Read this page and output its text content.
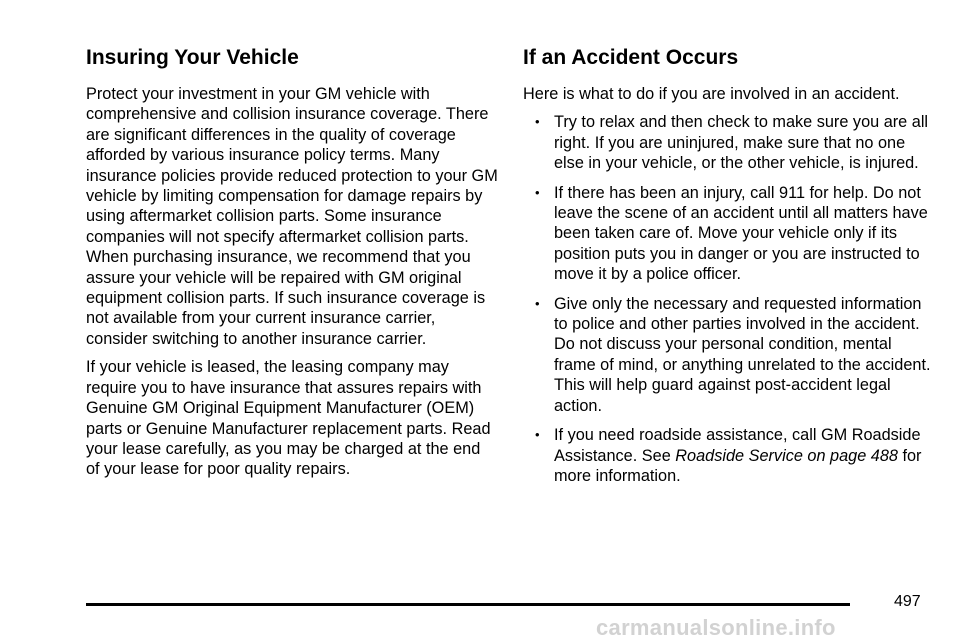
Insuring Your Vehicle

Protect your investment in your GM vehicle with comprehensive and collision insurance coverage. There are significant differences in the quality of coverage afforded by various insurance policy terms. Many insurance policies provide reduced protection to your GM vehicle by limiting compensation for damage repairs by using aftermarket collision parts. Some insurance companies will not specify aftermarket collision parts. When purchasing insurance, we recommend that you assure your vehicle will be repaired with GM original equipment collision parts. If such insurance coverage is not available from your current insurance carrier, consider switching to another insurance carrier.

If your vehicle is leased, the leasing company may require you to have insurance that assures repairs with Genuine GM Original Equipment Manufacturer (OEM) parts or Genuine Manufacturer replacement parts. Read your lease carefully, as you may be charged at the end of your lease for poor quality repairs.

If an Accident Occurs

Here is what to do if you are involved in an accident.

• Try to relax and then check to make sure you are all right. If you are uninjured, make sure that no one else in your vehicle, or the other vehicle, is injured.
• If there has been an injury, call 911 for help. Do not leave the scene of an accident until all matters have been taken care of. Move your vehicle only if its position puts you in danger or you are instructed to move it by a police officer.
• Give only the necessary and requested information to police and other parties involved in the accident. Do not discuss your personal condition, mental frame of mind, or anything unrelated to the accident. This will help guard against post-accident legal action.
• If you need roadside assistance, call GM Roadside Assistance. See Roadside Service on page 488 for more information.
497
carmanualsonline.info
